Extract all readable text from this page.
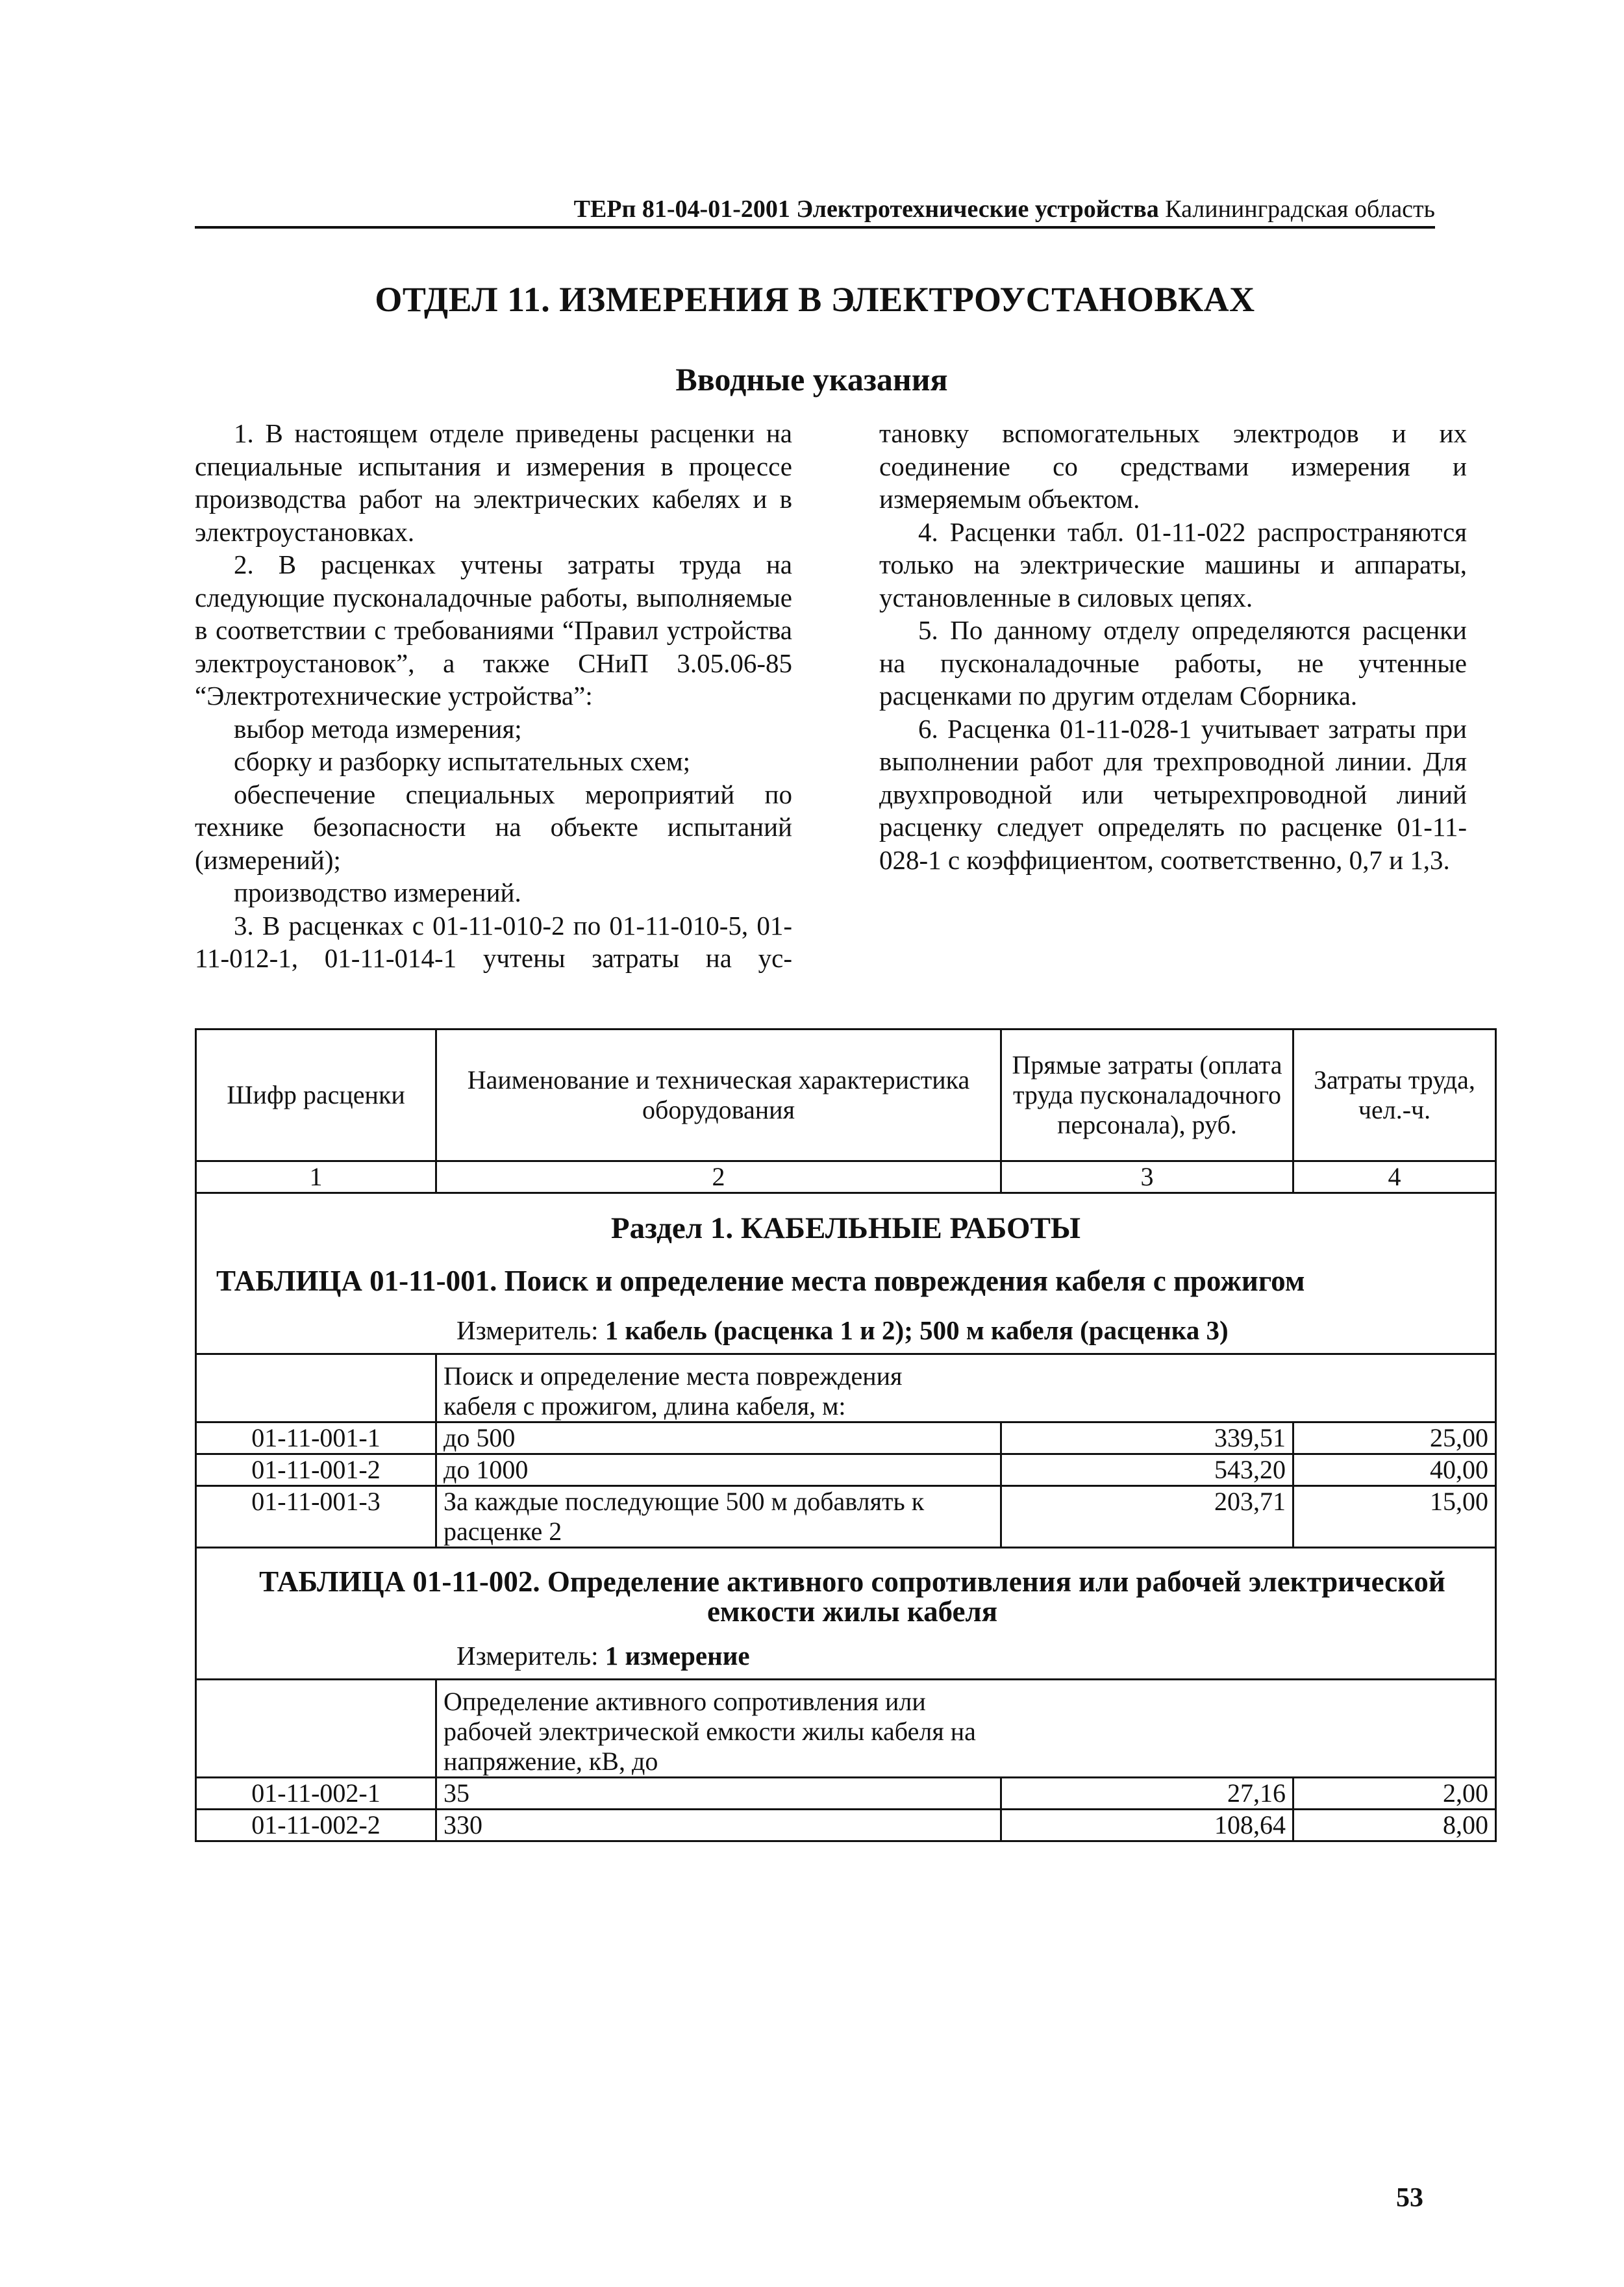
ТЕРп 81-04-01-2001 Электротехнические устройства Калининградская область
ОТДЕЛ 11. ИЗМЕРЕНИЯ В ЭЛЕКТРОУСТАНОВКАХ
Вводные указания

1. В настоящем отделе приведены расценки на специальные испытания и измерения в процессе производства работ на электрических кабелях и в электроустановках.

2. В расценках учтены затраты труда на следующие пусконаладочные работы, выполняемые в соответствии с требованиями “Правил устройства электроустановок”, а также СНиП 3.05.06-85 “Электротехнические устройства”:

выбор метода измерения;

сборку и разборку испытательных схем;

обеспечение специальных мероприятий по технике безопасности на объекте испытаний (измерений);

производство измерений.

3. В расценках с 01-11-010-2 по 01-11-010-5, 01-11-012-1, 01-11-014-1 учтены затраты на ус-

тановку вспомогательных электродов и их соединение со средствами измерения и измеряемым объектом.

4. Расценки табл. 01-11-022 распространяются только на электрические машины и аппараты, установленные в силовых цепях.

5. По данному отделу определяются расценки на пусконаладочные работы, не учтенные расценками по другим отделам Сборника.

6. Расценка 01-11-028-1 учитывает затраты при выполнении работ для трехпроводной линии. Для двухпроводной или четырехпроводной линий расценку следует определять по расценке 01-11-028-1 с коэффициентом, соответственно, 0,7 и 1,3.

Шифр расценки	Наименование и техническая характеристика оборудования	Прямые затраты (оплата труда пусконаладочного персонала), руб.	Затраты труда, чел.-ч.
1	2	3	4

Раздел 1. КАБЕЛЬНЫЕ РАБОТЫ
ТАБЛИЦА 01-11-001. Поиск и определение места повреждения кабеля с прожигом
Измеритель: 1 кабель (расценка 1 и 2); 500 м кабеля (расценка 3)			

	Поиск и определение места повреждения кабеля с прожигом, длина кабеля, м:		

01-11-001-1	до 500	339,51	25,00
01-11-001-2	до 1000	543,20	40,00
01-11-001-3	За каждые последующие 500 м добавлять к расценке 2	203,71	15,00

ТАБЛИЦА 01-11-002. Определение активного сопротивления или рабочей электрической емкости жилы кабеля
Измеритель: 1 измерение			

	Определение активного сопротивления или рабочей электрической емкости жилы кабеля на напряжение, кВ, до		

01-11-002-1	35	27,16	2,00
01-11-002-2	330	108,64	8,00
53
